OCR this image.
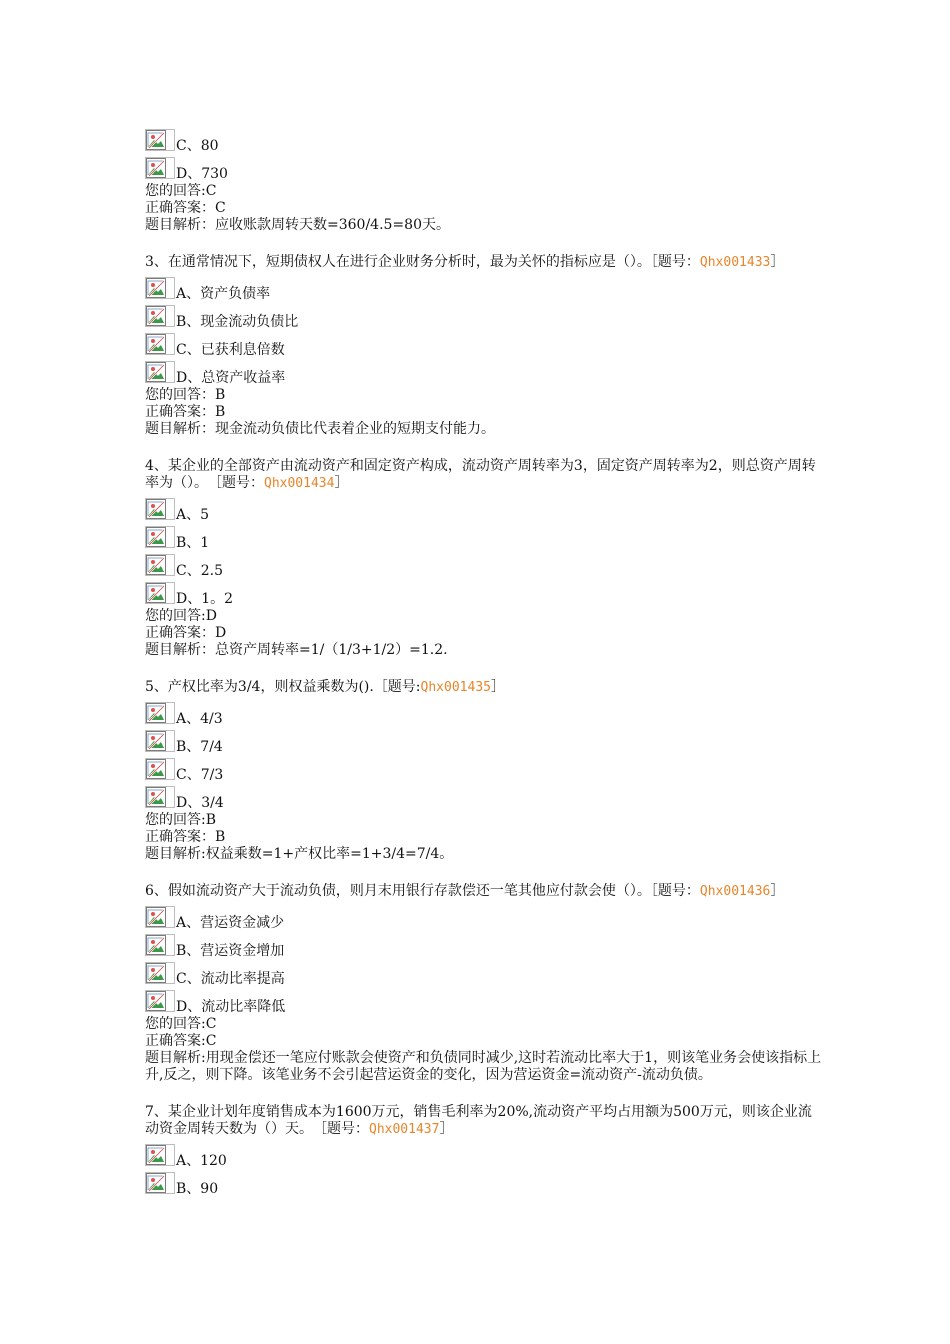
C、80
D、730

您的回答:C

正确答案：C

题目解析：应收账款周转天数=360/4.5=80天。

3、在通常情况下，短期债权人在进行企业财务分析时，最为关怀的指标应是（）。［题号：Qhx001433］

A、资产负债率
B、现金流动负债比
C、已获利息倍数
D、总资产收益率

您的回答：B

正确答案：B

题目解析：现金流动负债比代表着企业的短期支付能力。

4、某企业的全部资产由流动资产和固定资产构成，流动资产周转率为3，固定资产周转率为2，则总资产周转率为（）。　［题号：Qhx001434］

A、5
B、1
C、2.5
D、1。2

您的回答:D

正确答案：D

题目解析：总资产周转率=1/（1/3+1/2）=1.2.

5、产权比率为3/4，则权益乘数为().［题号:Qhx001435］

A、4/3
B、7/4
C、7/3
D、3/4

您的回答:B

正确答案：B

题目解析:权益乘数=1+产权比率=1+3/4=7/4。

6、假如流动资产大于流动负债，则月末用银行存款偿还一笔其他应付款会使（）。［题号：Qhx001436］

A、营运资金减少
B、营运资金增加
C、流动比率提高
D、流动比率降低

您的回答:C

正确答案:C

题目解析:用现金偿还一笔应付账款会使资产和负债同时减少,这时若流动比率大于1，则该笔业务会使该指标上升,反之，则下降。该笔业务不会引起营运资金的变化，因为营运资金=流动资产-流动负债。

7、某企业计划年度销售成本为1600万元，销售毛利率为20%,流动资产平均占用额为500万元，则该企业流动资金周转天数为（）天。　［题号：Qhx001437］

A、120
B、90
